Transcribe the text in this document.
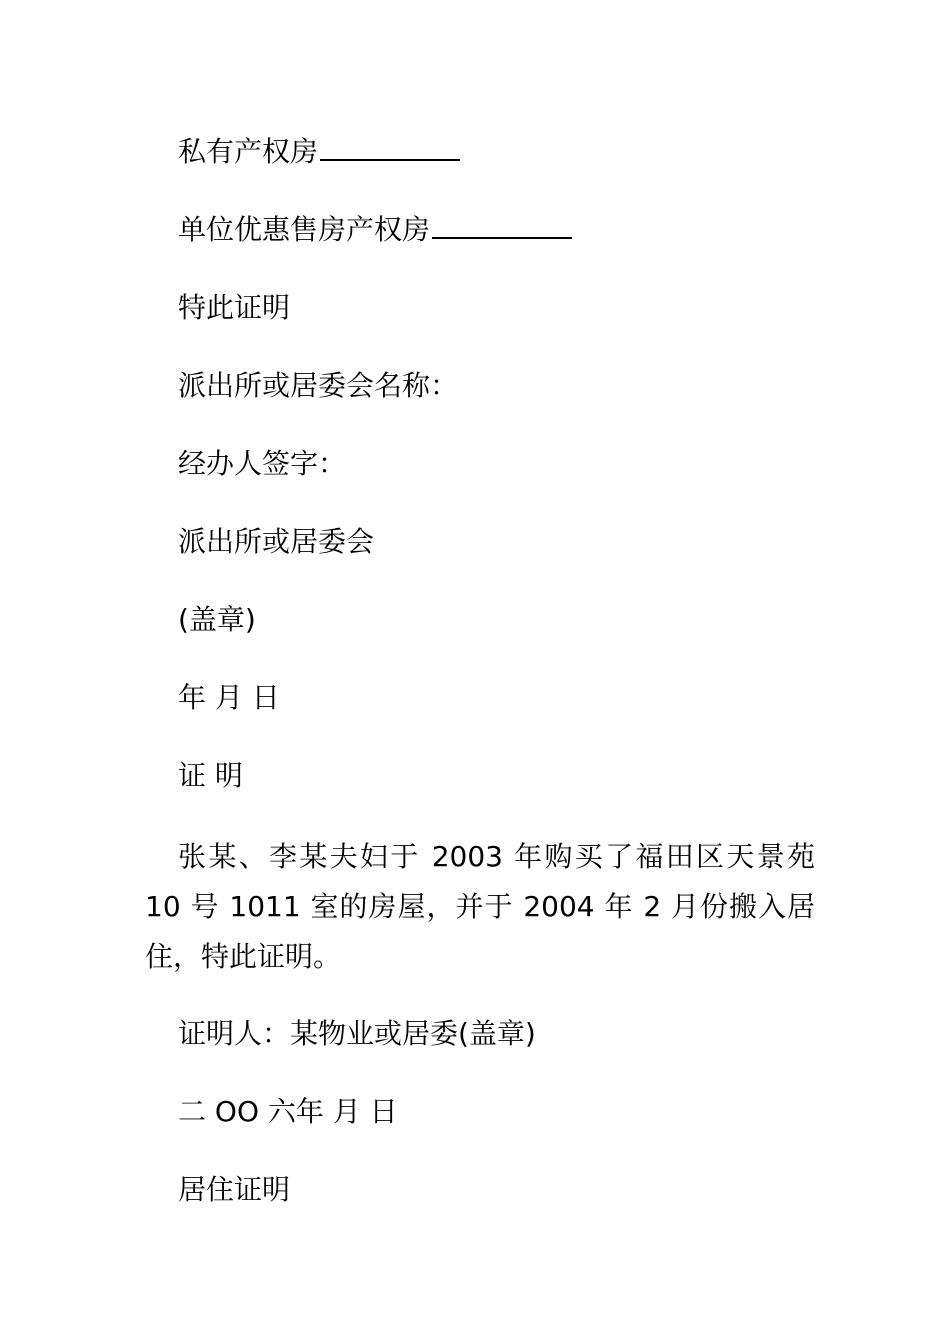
私有产权房
单位优惠售房产权房
特此证明
派出所或居委会名称：
经办人签字：
派出所或居委会
(盖章)
年 月 日
证 明
张某、李某夫妇于 2003 年购买了福田区天景苑 10 号 1011 室的房屋，并于 2004 年 2 月份搬入居住，特此证明。
证明人：某物业或居委(盖章)
二 OO 六年 月 日
居住证明
